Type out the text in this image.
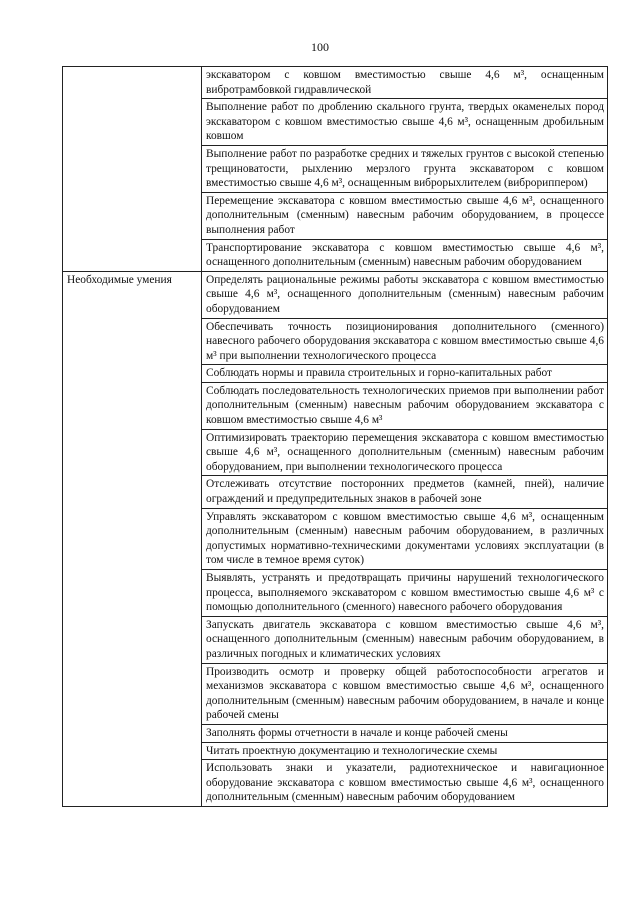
100
	экскаватором с ковшом вместимостью свыше 4,6 м³, оснащенным вибротрамбовкой гидравлической
	Выполнение работ по дроблению скального грунта, твердых окаменелых пород экскаватором с ковшом вместимостью свыше 4,6 м³, оснащенным дробильным ковшом
	Выполнение работ по разработке средних и тяжелых грунтов с высокой степенью трещиноватости, рыхлению мерзлого грунта экскаватором с ковшом вместимостью свыше 4,6 м³, оснащенным виброрыхлителем (виброриппером)
	Перемещение экскаватора с ковшом вместимостью свыше 4,6 м³, оснащенного дополнительным (сменным) навесным рабочим оборудованием, в процессе выполнения работ
	Транспортирование экскаватора с ковшом вместимостью свыше 4,6 м³, оснащенного дополнительным (сменным) навесным рабочим оборудованием
Необходимые умения	Определять рациональные режимы работы экскаватора с ковшом вместимостью свыше 4,6 м³, оснащенного дополнительным (сменным) навесным рабочим оборудованием
	Обеспечивать точность позиционирования дополнительного (сменного) навесного рабочего оборудования экскаватора с ковшом вместимостью свыше 4,6 м³ при выполнении технологического процесса
	Соблюдать нормы и правила строительных и горно-капитальных работ
	Соблюдать последовательность технологических приемов при выполнении работ дополнительным (сменным) навесным рабочим оборудованием экскаватора с ковшом вместимостью свыше 4,6 м³
	Оптимизировать траекторию перемещения экскаватора с ковшом вместимостью свыше 4,6 м³, оснащенного дополнительным (сменным) навесным рабочим оборудованием, при выполнении технологического процесса
	Отслеживать отсутствие посторонних предметов (камней, пней), наличие ограждений и предупредительных знаков в рабочей зоне
	Управлять экскаватором с ковшом вместимостью свыше 4,6 м³, оснащенным дополнительным (сменным) навесным рабочим оборудованием, в различных допустимых нормативно-техническими документами условиях эксплуатации (в том числе в темное время суток)
	Выявлять, устранять и предотвращать причины нарушений технологического процесса, выполняемого экскаватором с ковшом вместимостью свыше 4,6 м³ с помощью дополнительного (сменного) навесного рабочего оборудования
	Запускать двигатель экскаватора с ковшом вместимостью свыше 4,6 м³, оснащенного дополнительным (сменным) навесным рабочим оборудованием, в различных погодных и климатических условиях
	Производить осмотр и проверку общей работоспособности агрегатов и механизмов экскаватора с ковшом вместимостью свыше 4,6 м³, оснащенного дополнительным (сменным) навесным рабочим оборудованием, в начале и конце рабочей смены
	Заполнять формы отчетности в начале и конце рабочей смены
	Читать проектную документацию и технологические схемы
	Использовать знаки и указатели, радиотехническое и навигационное оборудование экскаватора с ковшом вместимостью свыше 4,6 м³, оснащенного дополнительным (сменным) навесным рабочим оборудованием
